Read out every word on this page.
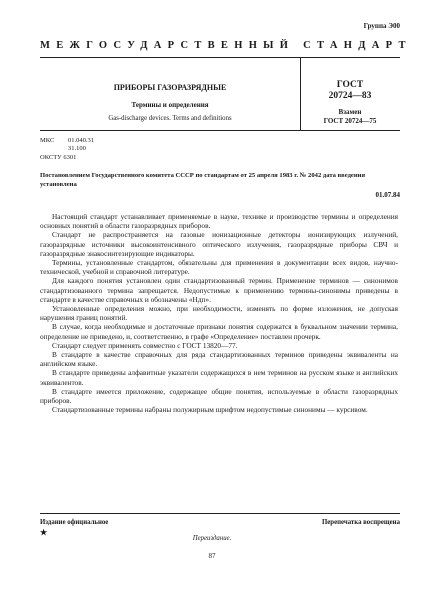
Группа Э00
МЕЖГОСУДАРСТВЕННЫЙ СТАНДАРТ
ПРИБОРЫ ГАЗОРАЗРЯДНЫЕ
Термины и определения
Gas-discharge devices. Terms and definitions
ГОСТ
20724—83
Взамен
ГОСТ 20724—75
МКС	01.040.31
31.100
ОКСТУ 6301
Постановлением Государственного комитета СССР по стандартам от 25 апреля 1983 г. № 2042 дата введения установлена
01.07.84

Настоящий стандарт устанавливает применяемые в науке, технике и производстве термины и определения основных понятий в области газоразрядных приборов.

Стандарт не распространяется на газовые ионизационные детекторы ионизирующих излучений, газоразрядные источники высокоинтенсивного оптического излучения, газоразрядные приборы СВЧ и газоразрядные знакосинтезирующие индикаторы.

Термины, установленные стандартом, обязательны для применения в документации всех видов, научно-технической, учебной и справочной литературе.

Для каждого понятия установлен один стандартизованный термин. Применение терминов — синонимов стандартизованного термина запрещается. Недопустимые к применению термины-синонимы приведены в стандарте в качестве справочных и обозначены «Ндп».

Установленные определения можно, при необходимости, изменять по форме изложения, не допуская нарушения границ понятий.

В случае, когда необходимые и достаточные признаки понятия содержатся в буквальном значении термина, определение не приведено, и, соответственно, в графе «Определение» поставлен прочерк.

Стандарт следует применять совместно с ГОСТ 13820—77.

В стандарте в качестве справочных для ряда стандартизованных терминов приведены эквиваленты на английском языке.

В стандарте приведены алфавитные указатели содержащихся в нем терминов на русском языке и английских эквивалентов.

В стандарте имеется приложение, содержащее общие понятия, используемые в области газоразрядных приборов.

Стандартизованные термины набраны полужирным шрифтом недопустимые синонимы — курсивом.

Издание официальное
★
Перепечатка воспрещена
Переиздание.
87
